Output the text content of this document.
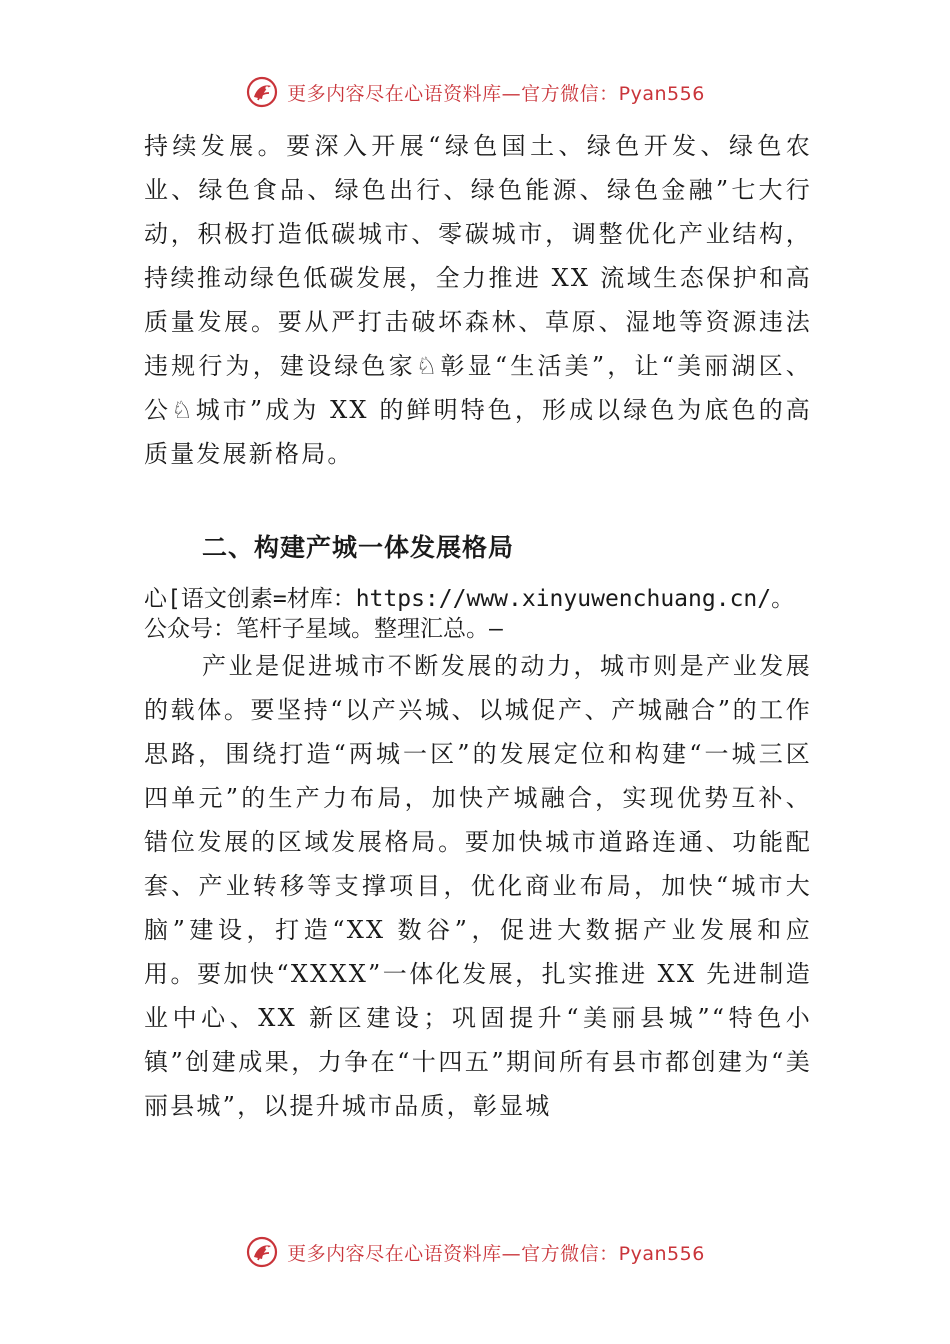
更多内容尽在心语资料库—官方微信：Pyan556

持续发展。要深入开展“绿色国土、绿色开发、绿色农业、绿色食品、绿色出行、绿色能源、绿色金融”七大行动，积极打造低碳城市、零碳城市，调整优化产业结构，持续推动绿色低碳发展，全力推进 XX 流域生态保护和高质量发展。要从严打击破坏森林、草原、湿地等资源违法违规行为，建设绿色家♘彰显“生活美”，让“美丽湖区、公♘城市”成为 XX 的鲜明特色，形成以绿色为底色的高质量发展新格局。

二、构建产城一体发展格局

心[语文创素=材库：https://www.xinyuwenchuang.cn/。公众号：笔杆子星域。整理汇总。—

产业是促进城市不断发展的动力，城市则是产业发展的载体。要坚持“以产兴城、以城促产、产城融合”的工作思路，围绕打造“两城一区”的发展定位和构建“一城三区四单元”的生产力布局，加快产城融合，实现优势互补、错位发展的区域发展格局。要加快城市道路连通、功能配套、产业转移等支撑项目，优化商业布局，加快“城市大脑”建设，打造“XX 数谷”，促进大数据产业发展和应用。要加快“XXXX”一体化发展，扎实推进 XX 先进制造业中心、XX 新区建设；巩固提升“美丽县城”“特色小镇”创建成果，力争在“十四五”期间所有县市都创建为“美丽县城”，以提升城市品质，彰显城

更多内容尽在心语资料库—官方微信：Pyan556
